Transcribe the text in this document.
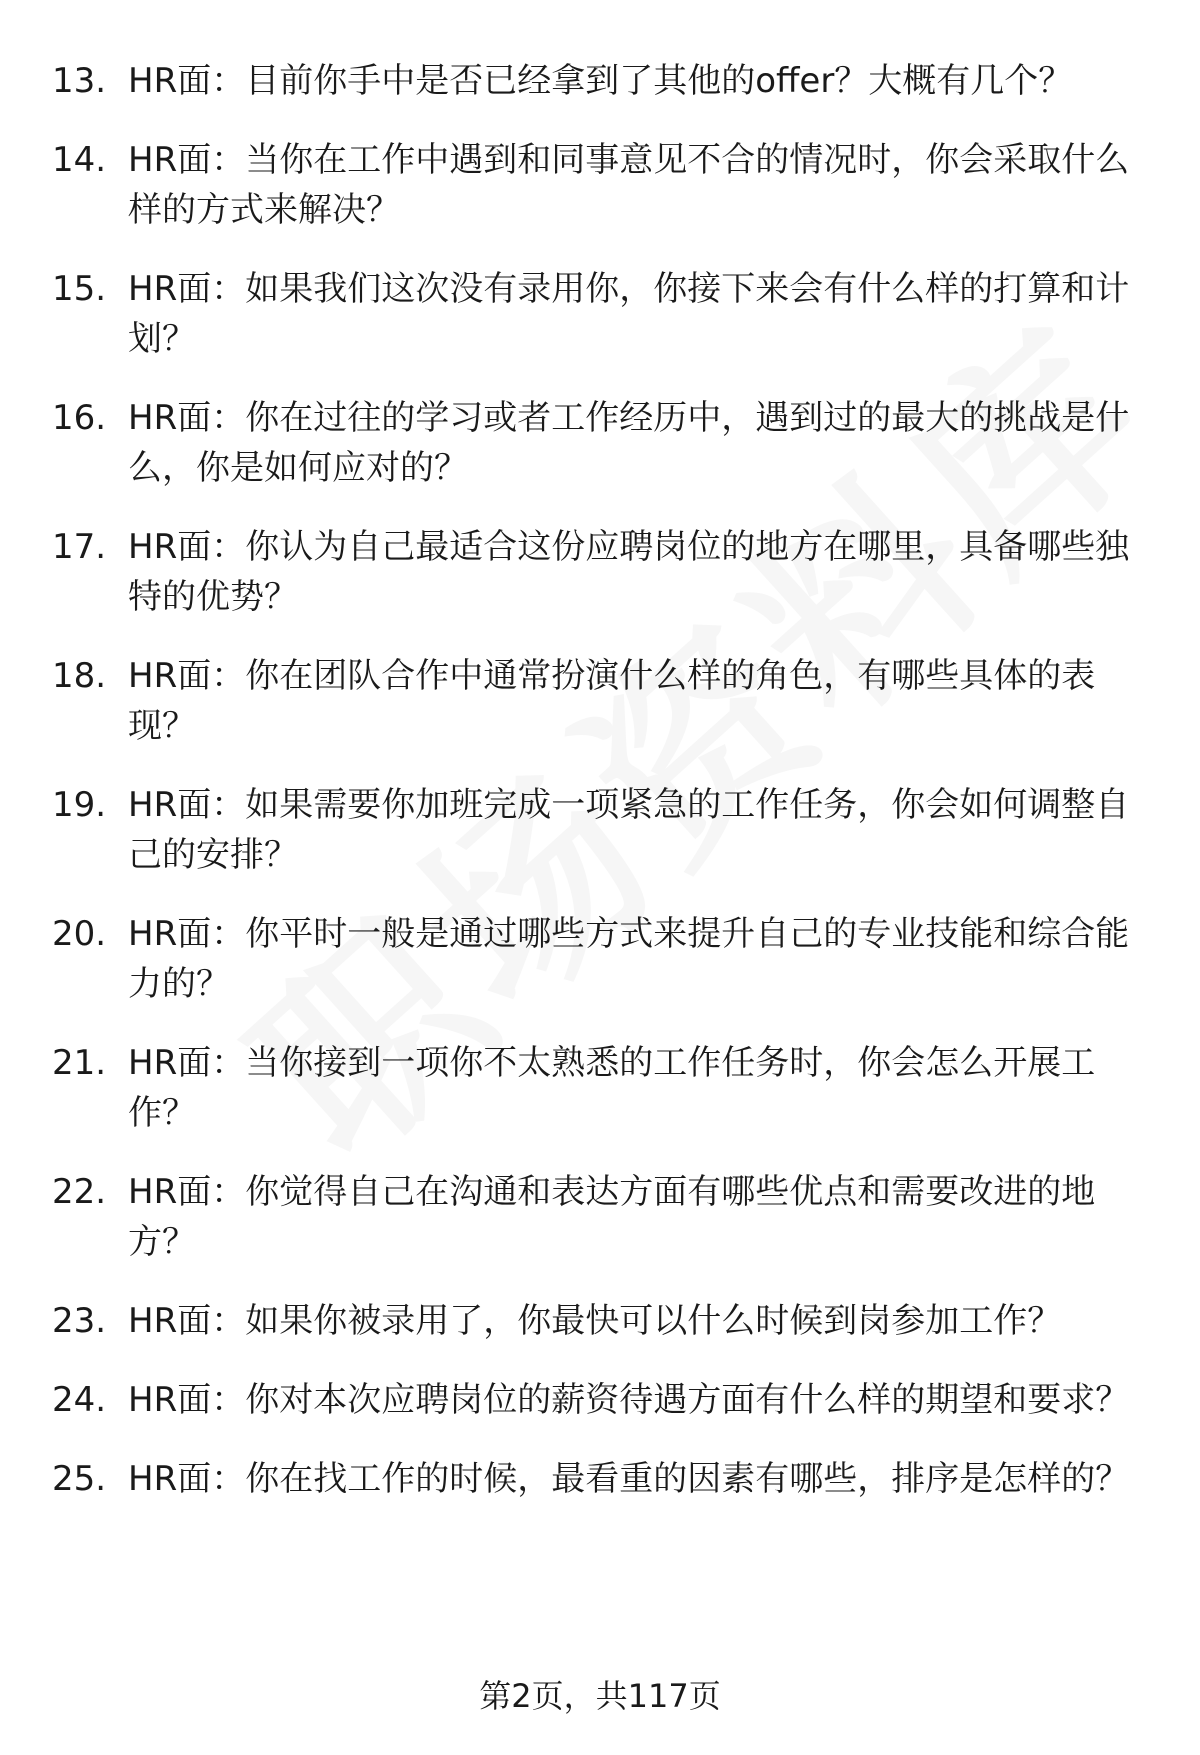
13. HR面：目前你手中是否已经拿到了其他的offer？大概有几个？
14. HR面：当你在工作中遇到和同事意见不合的情况时，你会采取什么样的方式来解决？
15. HR面：如果我们这次没有录用你，你接下来会有什么样的打算和计划？
16. HR面：你在过往的学习或者工作经历中，遇到过的最大的挑战是什么，你是如何应对的？
17. HR面：你认为自己最适合这份应聘岗位的地方在哪里，具备哪些独特的优势？
18. HR面：你在团队合作中通常扮演什么样的角色，有哪些具体的表现？
19. HR面：如果需要你加班完成一项紧急的工作任务，你会如何调整自己的安排？
20. HR面：你平时一般是通过哪些方式来提升自己的专业技能和综合能力的？
21. HR面：当你接到一项你不太熟悉的工作任务时，你会怎么开展工作？
22. HR面：你觉得自己在沟通和表达方面有哪些优点和需要改进的地方？
23. HR面：如果你被录用了，你最快可以什么时候到岗参加工作？
24. HR面：你对本次应聘岗位的薪资待遇方面有什么样的期望和要求？
25. HR面：你在找工作的时候，最看重的因素有哪些，排序是怎样的？
第2页，共117页
